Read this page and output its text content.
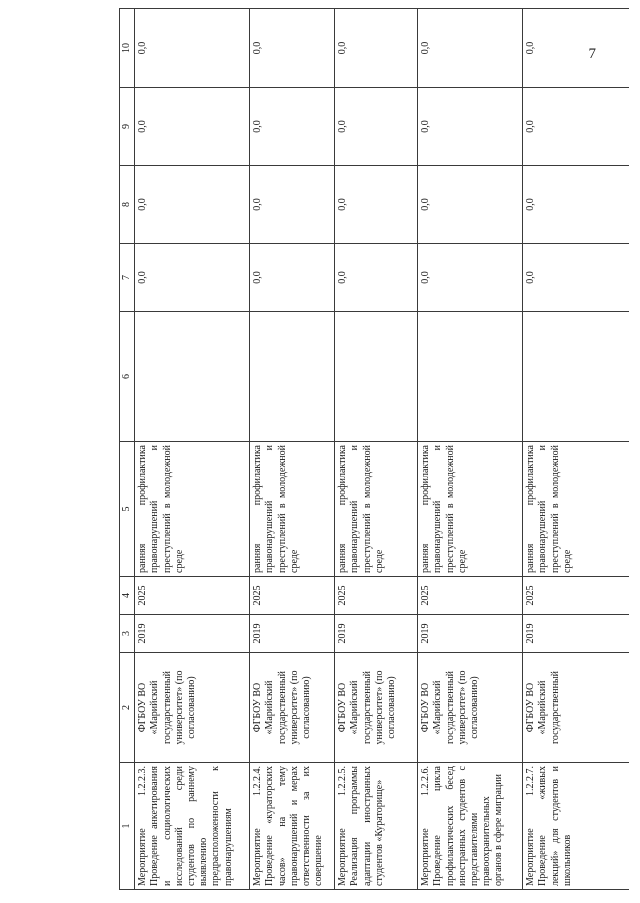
7
1	2	3	4	5	6	7	8	9	10
Мероприятие 1.2.2.3. Проведение анкетирования и социологических исследований среди студентов по раннему выявлению предрасположенности к правонарушениям	ФГБОУ ВО «Марийский государственный университет» (по согласованию)	2019	2025	ранняя профилактика правонарушений и преступлений в молодежной среде		0,0	0,0	0,0	0,0
Мероприятие 1.2.2.4. Проведение «кураторских часов» на тему правонарушений и мерах ответственности за их совершение	ФГБОУ ВО «Марийский государственный университет» (по согласованию)	2019	2025	ранняя профилактика правонарушений и преступлений в молодежной среде		0,0	0,0	0,0	0,0
Мероприятие 1.2.2.5. Реализация программы адаптации иностранных студентов «Кураторище»	ФГБОУ ВО «Марийский государственный университет» (по согласованию)	2019	2025	ранняя профилактика правонарушений и преступлений в молодежной среде		0,0	0,0	0,0	0,0
Мероприятие 1.2.2.6. Проведение цикла профилактических бесед иностранных студентов с представителями правоохранительных органов в сфере миграции	ФГБОУ ВО «Марийский государственный университет» (по согласованию)	2019	2025	ранняя профилактика правонарушений и преступлений в молодежной среде		0,0	0,0	0,0	0,0
Мероприятие 1.2.2.7. Проведение «живых лекций» для студентов и школьников	ФГБОУ ВО «Марийский государственный	2019	2025	ранняя профилактика правонарушений и преступлений в молодежной среде		0,0	0,0	0,0	0,0
